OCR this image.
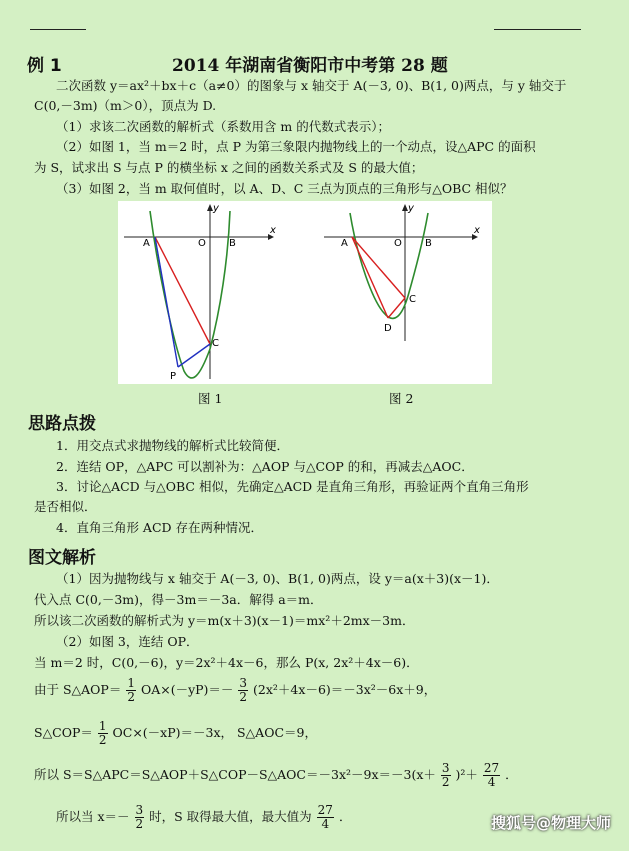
例 1	2014 年湖南省衡阳市中考第 28 题
二次函数 y＝ax²＋bx＋c（a≠0）的图象与 x 轴交于 A(－3, 0)、B(1, 0)两点，与 y 轴交于
C(0,－3m)（m＞0），顶点为 D.
（1）求该二次函数的解析式（系数用含 m 的代数式表示）；
（2）如图 1，当 m＝2 时，点 P 为第三象限内抛物线上的一个动点，设△APC 的面积
为 S，试求出 S 与点 P 的横坐标 x 之间的函数关系式及 S 的最大值；
（3）如图 2，当 m 取何值时，以 A、D、C 三点为顶点的三角形与△OBC 相似？
A	O B
C
P
x
y
A	O B
C
D
x
y
图 1	图 2
思路点拨
1．用交点式求抛物线的解析式比较简便．
2．连结 OP，△APC 可以割补为：△AOP 与△COP 的和，再减去△AOC．
3．讨论△ACD 与△OBC 相似，先确定△ACD 是直角三角形，再验证两个直角三角形
是否相似．
4．直角三角形 ACD 存在两种情况．
图文解析
（1）因为抛物线与 x 轴交于 A(－3, 0)、B(1, 0)两点，设 y＝a(x＋3)(x－1)．
代入点 C(0,－3m)，得－3m＝－3a．解得 a＝m．
所以该二次函数的解析式为 y＝m(x＋3)(x－1)＝mx²＋2mx－3m．
（2）如图 3，连结 OP．
当 m＝2 时，C(0,－6)，y＝2x²＋4x－6，那么 P(x, 2x²＋4x－6)．
由于 S△AOP＝ $\frac{1}{2} OA\times(-yP)=- \frac{3}{2} (2x^2+4x-6)=-3x^2-6x+9$，
S△COP＝ $\frac{1}{2} OC\times(-xP)=-3x$， S△AOC＝9，
所以 S＝S△APC＝S△AOP＋S△COP－S△AOC＝－3x²－9x＝－3(x＋ $\frac{3}{2} )^2+ \frac{27}{4}$ ．
所以当 $x=- \frac{3}{2}$ 时，S 取得最大值，最大值为 $\frac{27}{4}$ ．	搜狐号@物理大师
